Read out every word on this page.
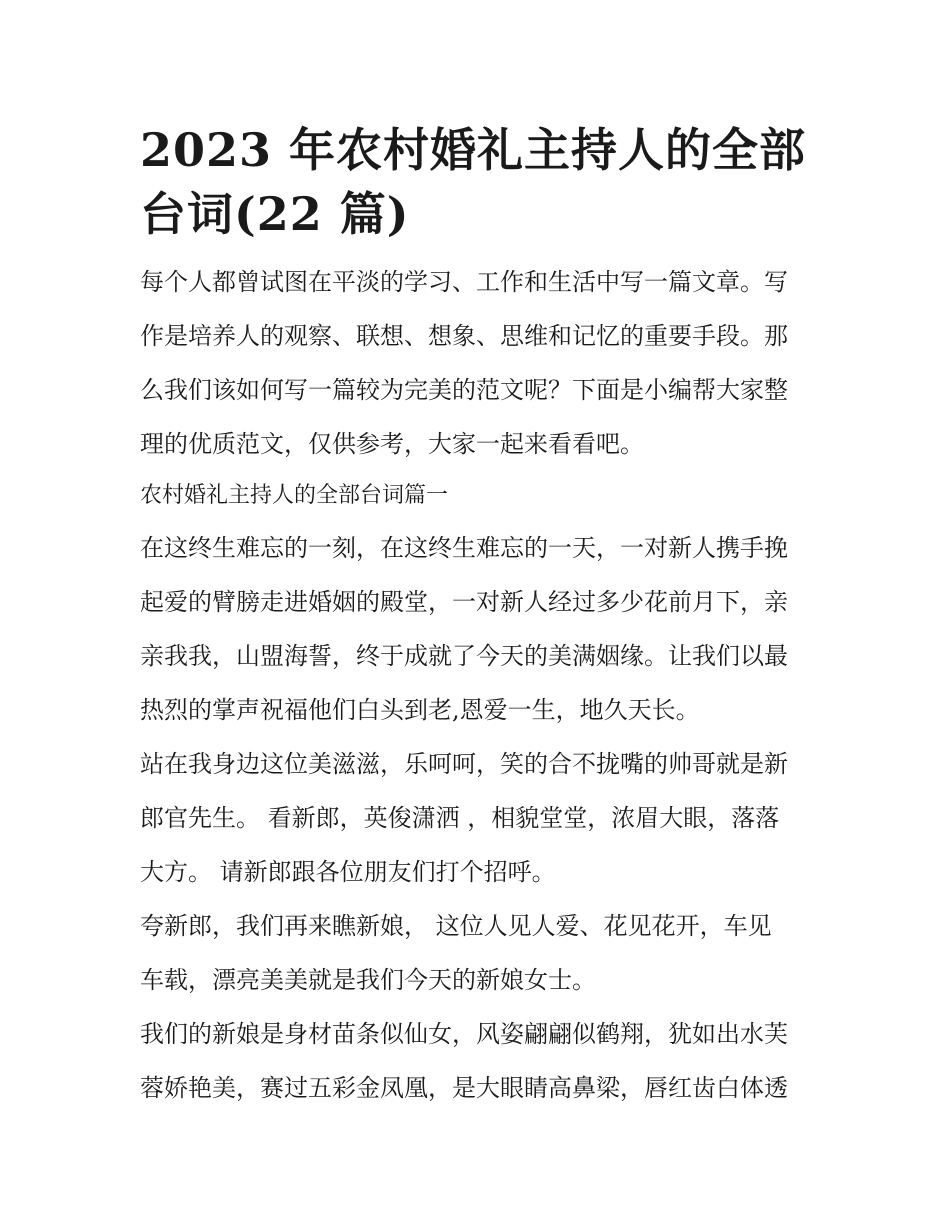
2023 年农村婚礼主持人的全部
台词(22 篇)
每个人都曾试图在平淡的学习、工作和生活中写一篇文章。写
作是培养人的观察、联想、想象、思维和记忆的重要手段。那
么我们该如何写一篇较为完美的范文呢？下面是小编帮大家整
理的优质范文，仅供参考，大家一起来看看吧。
农村婚礼主持人的全部台词篇一
在这终生难忘的一刻，在这终生难忘的一天，一对新人携手挽
起爱的臂膀走进婚姻的殿堂，一对新人经过多少花前月下，亲
亲我我，山盟海誓，终于成就了今天的美满姻缘。让我们以最
热烈的掌声祝福他们白头到老,恩爱一生，地久天长。
站在我身边这位美滋滋，乐呵呵，笑的合不拢嘴的帅哥就是新
郎官先生。 看新郎，英俊潇洒 ，相貌堂堂，浓眉大眼，落落
大方。 请新郎跟各位朋友们打个招呼。
夸新郎，我们再来瞧新娘， 这位人见人爱、花见花开，车见
车载，漂亮美美就是我们今天的新娘女士。
我们的新娘是身材苗条似仙女，风姿翩翩似鹤翔，犹如出水芙
蓉娇艳美，赛过五彩金凤凰，是大眼睛高鼻梁，唇红齿白体透
